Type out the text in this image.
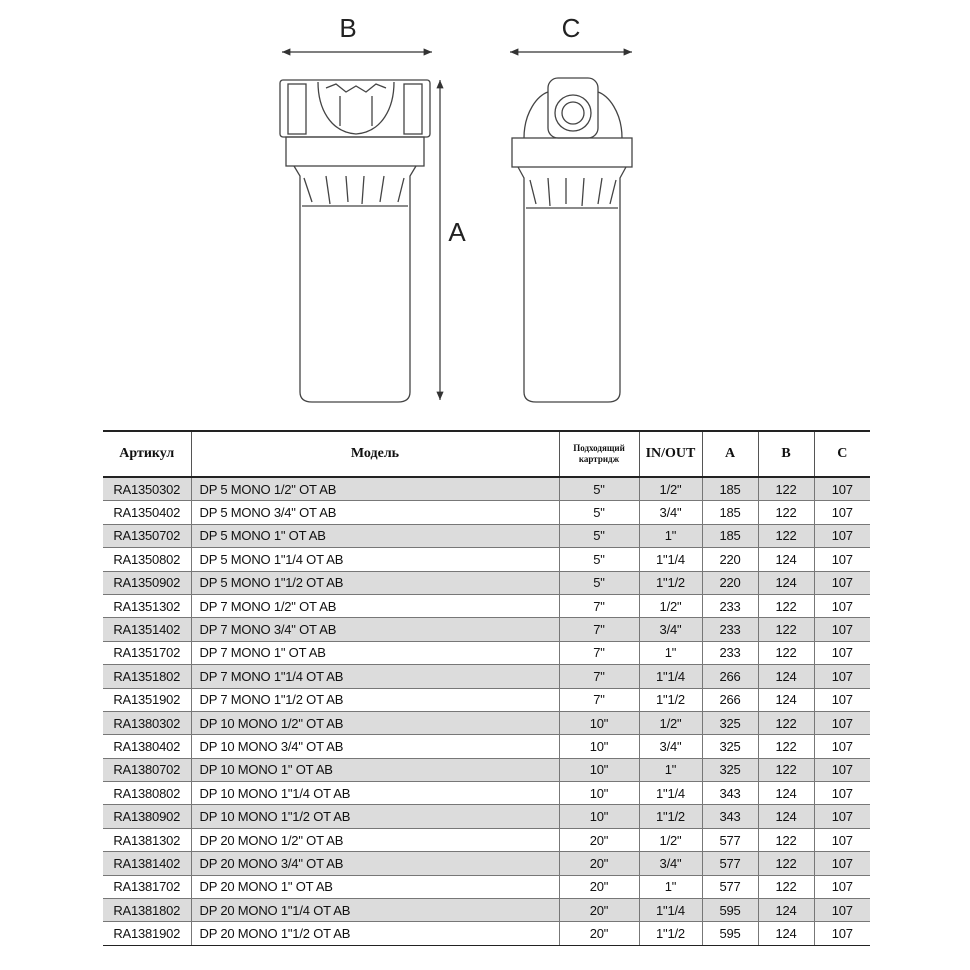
B	C
A
Артикул	Модель	Подходящий картридж	IN/OUT	A	B	C
RA1350302	DP 5 MONO 1/2" OT AB	5"	1/2"	185	122	107
RA1350402	DP 5 MONO 3/4" OT AB	5"	3/4"	185	122	107
RA1350702	DP 5 MONO 1" OT AB	5"	1"	185	122	107
RA1350802	DP 5 MONO 1"1/4 OT AB	5"	1"1/4	220	124	107
RA1350902	DP 5 MONO 1"1/2 OT AB	5"	1"1/2	220	124	107
RA1351302	DP 7 MONO 1/2" OT AB	7"	1/2"	233	122	107
RA1351402	DP 7 MONO 3/4" OT AB	7"	3/4"	233	122	107
RA1351702	DP 7 MONO 1" OT AB	7"	1"	233	122	107
RA1351802	DP 7 MONO 1"1/4 OT AB	7"	1"1/4	266	124	107
RA1351902	DP 7 MONO 1"1/2 OT AB	7"	1"1/2	266	124	107
RA1380302	DP 10 MONO 1/2" OT AB	10"	1/2"	325	122	107
RA1380402	DP 10 MONO 3/4" OT AB	10"	3/4"	325	122	107
RA1380702	DP 10 MONO 1" OT AB	10"	1"	325	122	107
RA1380802	DP 10 MONO 1"1/4 OT AB	10"	1"1/4	343	124	107
RA1380902	DP 10 MONO 1"1/2 OT AB	10"	1"1/2	343	124	107
RA1381302	DP 20 MONO 1/2" OT AB	20"	1/2"	577	122	107
RA1381402	DP 20 MONO 3/4" OT AB	20"	3/4"	577	122	107
RA1381702	DP 20 MONO 1" OT AB	20"	1"	577	122	107
RA1381802	DP 20 MONO 1"1/4 OT AB	20"	1"1/4	595	124	107
RA1381902	DP 20 MONO 1"1/2 OT AB	20"	1"1/2	595	124	107
